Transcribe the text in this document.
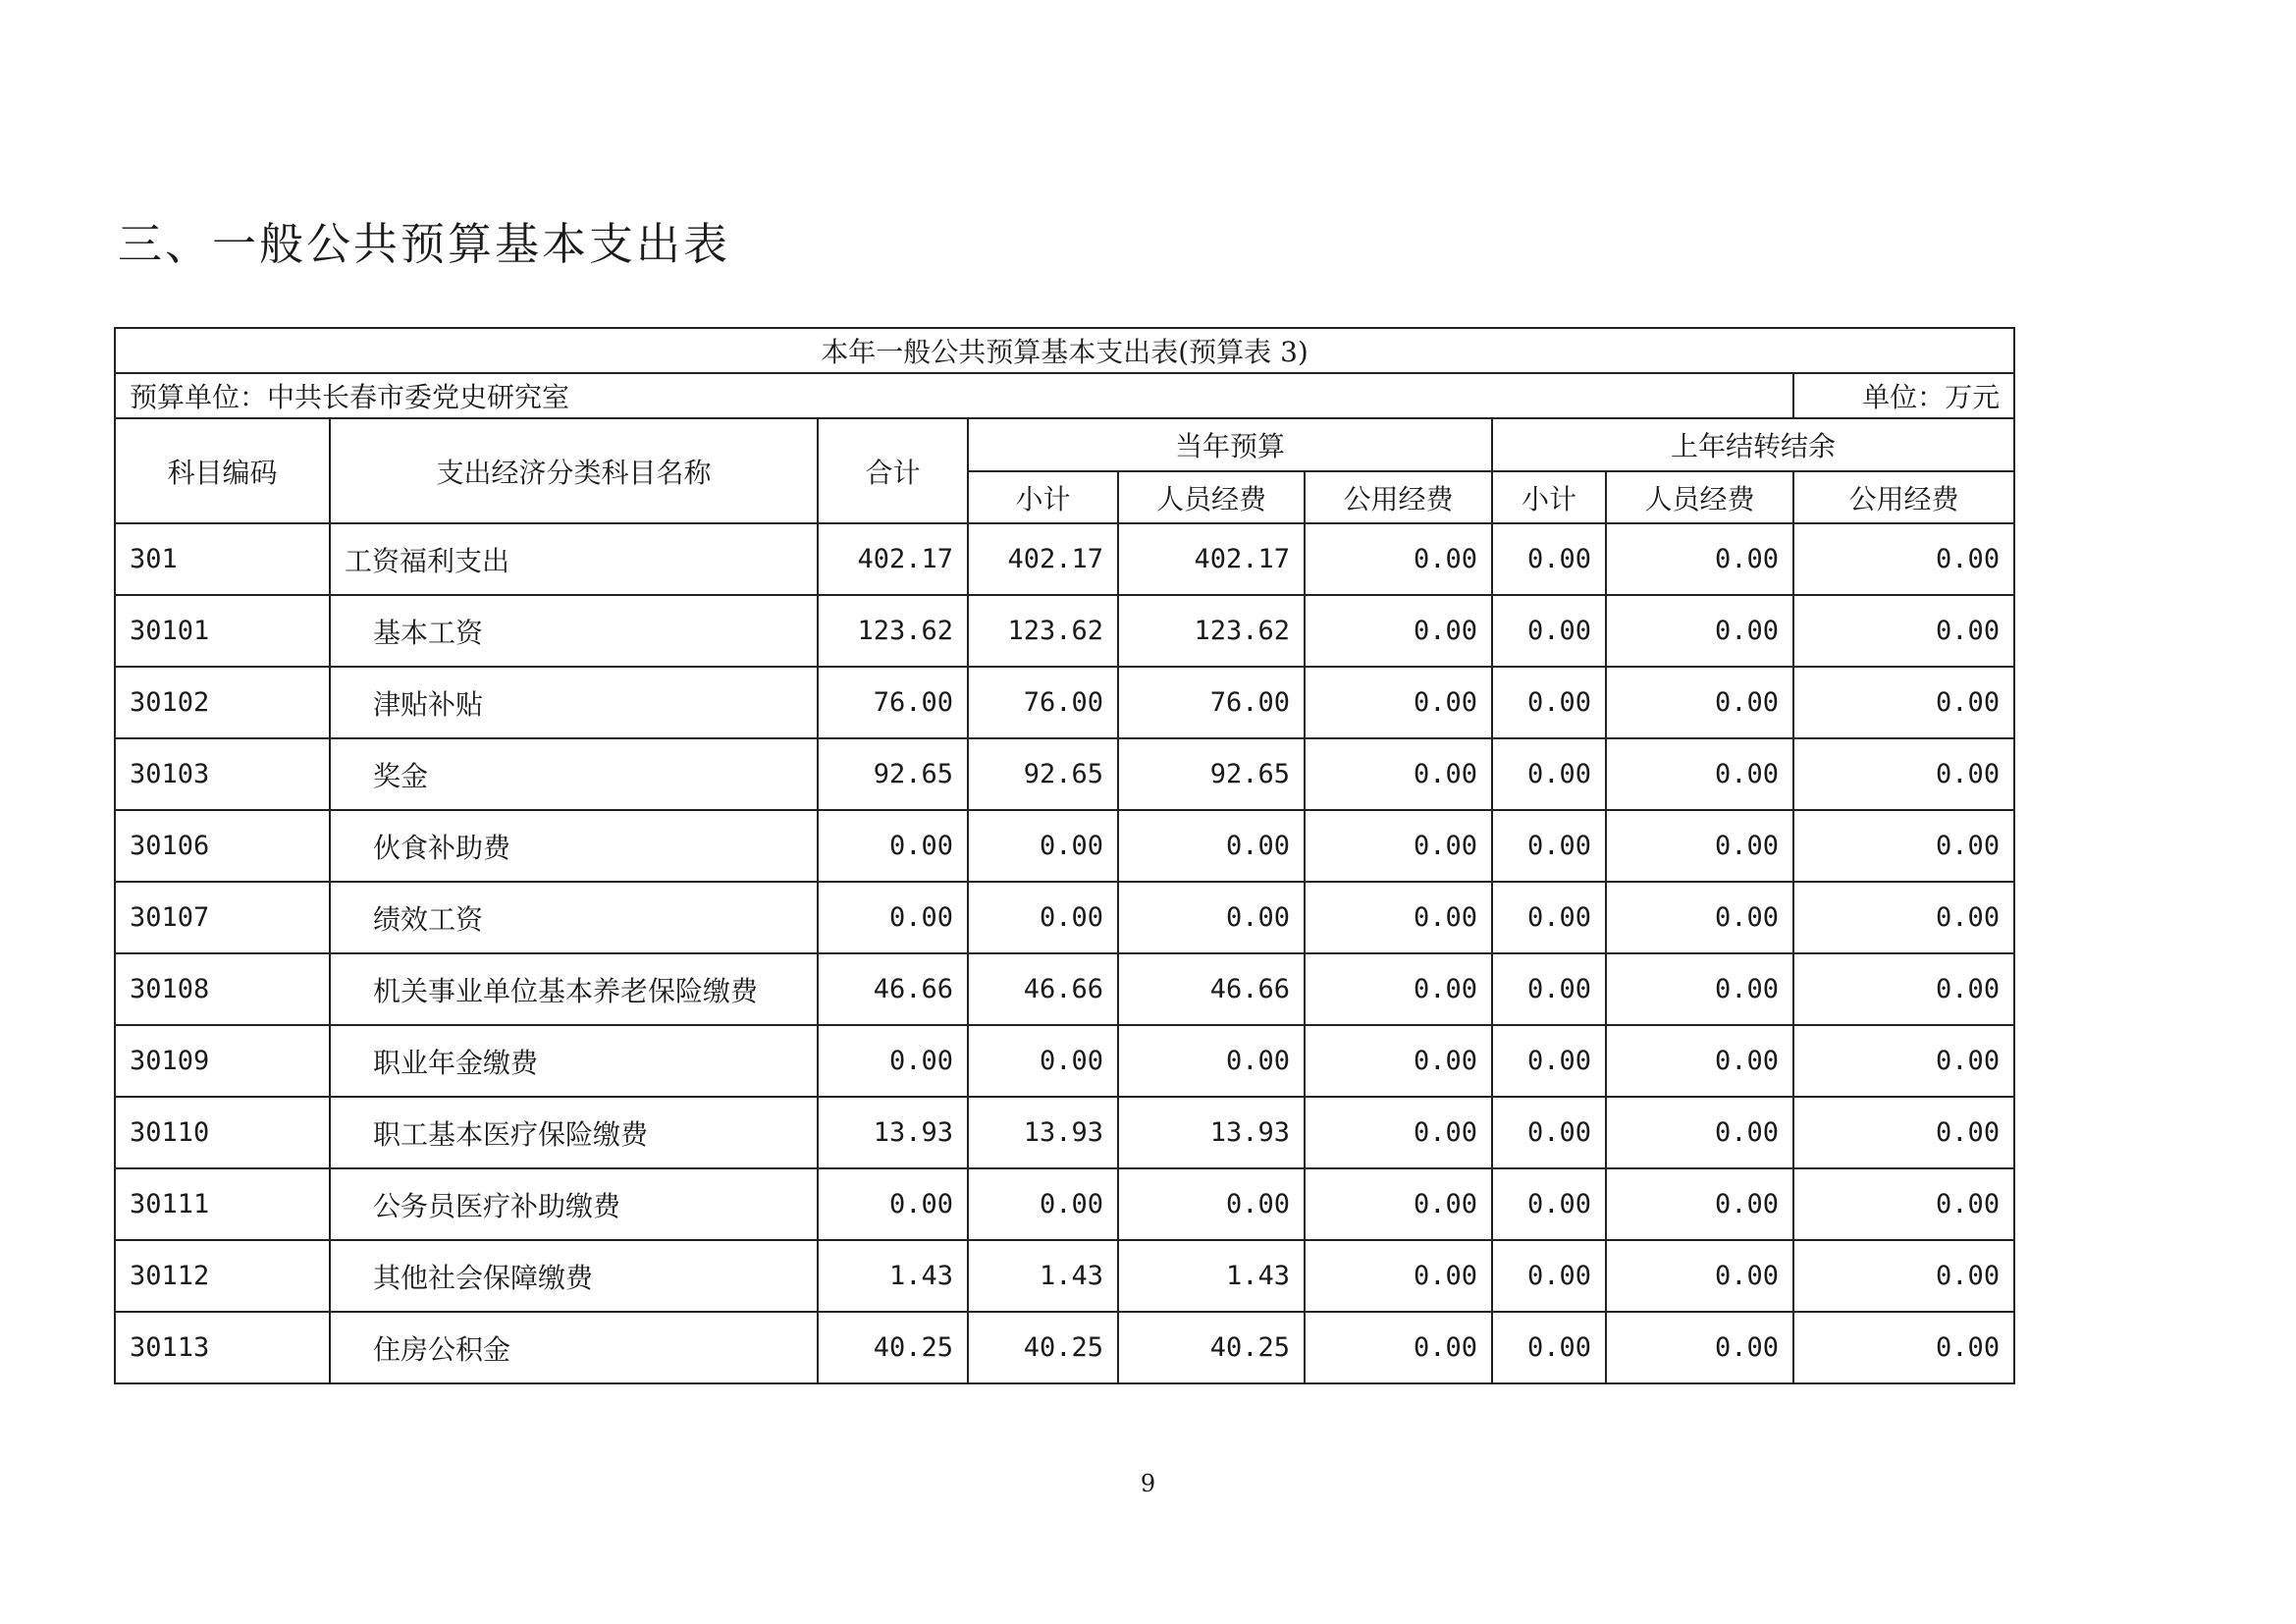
三、一般公共预算基本支出表
本年一般公共预算基本支出表(预算表 3)								
预算单位：中共长春市委党史研究室								单位：万元
科目编码	支出经济分类科目名称	合计	当年预算			上年结转结余		
			小计	人员经费	公用经费	小计	人员经费	公用经费
301	工资福利支出	402.17	402.17	402.17	0.00	0.00	0.00	0.00
30101	基本工资	123.62	123.62	123.62	0.00	0.00	0.00	0.00
30102	津贴补贴	76.00	76.00	76.00	0.00	0.00	0.00	0.00
30103	奖金	92.65	92.65	92.65	0.00	0.00	0.00	0.00
30106	伙食补助费	0.00	0.00	0.00	0.00	0.00	0.00	0.00
30107	绩效工资	0.00	0.00	0.00	0.00	0.00	0.00	0.00
30108	机关事业单位基本养老保险缴费	46.66	46.66	46.66	0.00	0.00	0.00	0.00
30109	职业年金缴费	0.00	0.00	0.00	0.00	0.00	0.00	0.00
30110	职工基本医疗保险缴费	13.93	13.93	13.93	0.00	0.00	0.00	0.00
30111	公务员医疗补助缴费	0.00	0.00	0.00	0.00	0.00	0.00	0.00
30112	其他社会保障缴费	1.43	1.43	1.43	0.00	0.00	0.00	0.00
30113	住房公积金	40.25	40.25	40.25	0.00	0.00	0.00	0.00
9
